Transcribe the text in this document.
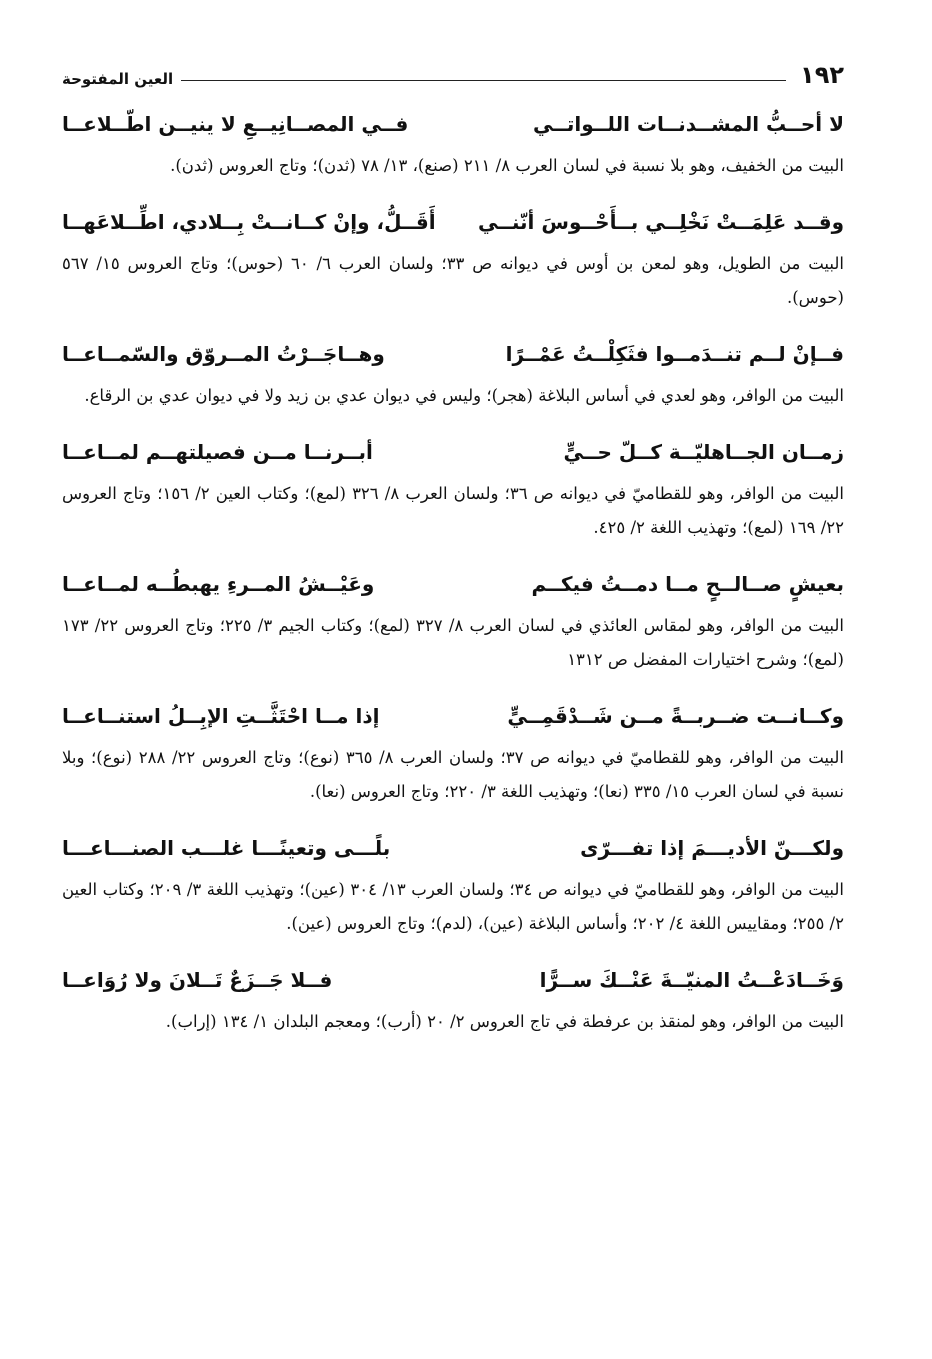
١٩٢
العين المفتوحة
لا أحــبُّ المشــدنــات اللــواتــي
فــي المصــانِيــعِ لا ينيــن اطّــلاعــا
البيت من الخفيف، وهو بلا نسبة في لسان العرب ٨/ ٢١١ (صنع)، ١٣/ ٧٨ (ثدن)؛ وتاج العروس (ثدن).
وقــد عَلِمَــتْ نَخْلِــي بــأَحْــوسَ أنّنــي
أَقَــلُّ، وإنْ كــانــتْ بِــلادي، اطِّــلاعَهــا
البيت من الطويل، وهو لمعن بن أوس في ديوانه ص ٣٣؛ ولسان العرب ٦/ ٦٠ (حوس)؛ وتاج العروس ١٥/ ٥٦٧ (حوس).
فــإنْ لــم تنــدَمــوا فثَكِلْــتُ عَمْــرًا
وهــاجَــرْتُ المــروّق والسّمــاعــا
البيت من الوافر، وهو لعدي في أساس البلاغة (هجر)؛ وليس في ديوان عدي بن زيد ولا في ديوان عدي بن الرقاع.
زمــان الجــاهليّــة كــلّ حــيٍّ
أبــرنــا مــن فصيلتهــم لمــاعــا
البيت من الوافر، وهو للقطاميّ في ديوانه ص ٣٦؛ ولسان العرب ٨/ ٣٢٦ (لمع)؛ وكتاب العين ٢/ ١٥٦؛ وتاج العروس ٢٢/ ١٦٩ (لمع)؛ وتهذيب اللغة ٢/ ٤٢٥.
بعيشٍ صــالــحٍ مــا دمــتُ فيكــم
وعَيْــشُ المــرءِ يهبطُــه لمــاعــا
البيت من الوافر، وهو لمقاس العائذي في لسان العرب ٨/ ٣٢٧ (لمع)؛ وكتاب الجيم ٣/ ٢٢٥؛ وتاج العروس ٢٢/ ١٧٣ (لمع)؛ وشرح اختيارات المفضل ص ١٣١٢
وكــانــت ضــربــةً مــن شَــدْقَمِــيٍّ
إذا مــا احْتَثَّــتِ الإبِــلُ استنــاعــا
البيت من الوافر، وهو للقطاميّ في ديوانه ص ٣٧؛ ولسان العرب ٨/ ٣٦٥ (نوع)؛ وتاج العروس ٢٢/ ٢٨٨ (نوع)؛ وبلا نسبة في لسان العرب ١٥/ ٣٣٥ (نعا)؛ وتهذيب اللغة ٣/ ٢٢٠؛ وتاج العروس (نعا).
ولكـــنّ الأديـــمَ إذا تفـــرّى
بلًـــى وتعينًـــا غلـــب الصنـــاعـــا
البيت من الوافر، وهو للقطاميّ في ديوانه ص ٣٤؛ ولسان العرب ١٣/ ٣٠٤ (عين)؛ وتهذيب اللغة ٣/ ٢٠٩؛ وكتاب العين ٢/ ٢٥٥؛ ومقاييس اللغة ٤/ ٢٠٢؛ وأساس البلاغة (عين)، (لدم)؛ وتاج العروس (عين).
وَخَــادَعْــتُ المنيّــةَ عَنْــكَ ســرًّا
فــلا جَــزَعٌ تَــلانَ ولا رُوَاعــا
البيت من الوافر، وهو لمنقذ بن عرفطة في تاج العروس ٢/ ٢٠ (أرب)؛ ومعجم البلدان ١/ ١٣٤ (إراب).
